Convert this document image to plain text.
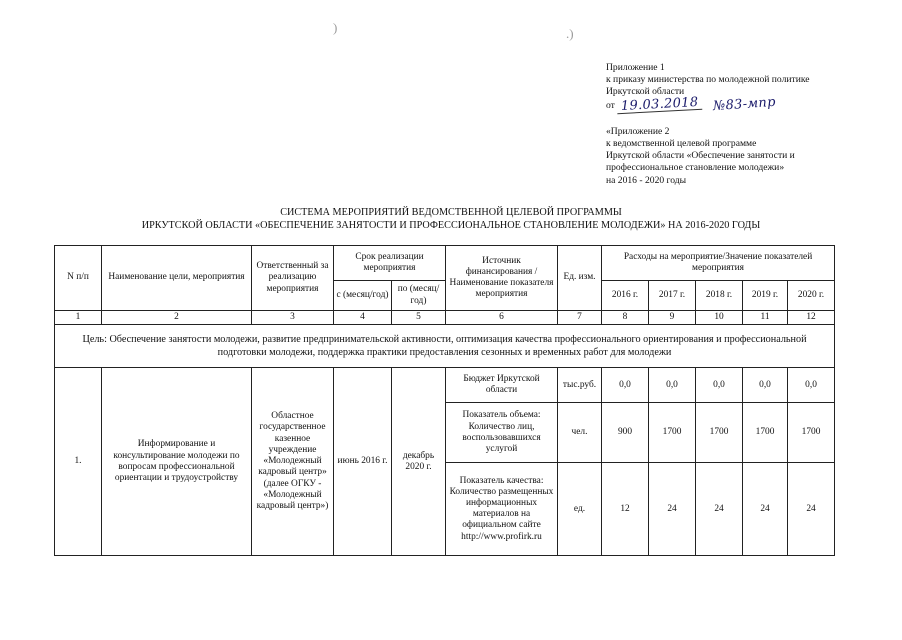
)	.)
Приложение 1
к приказу министерства по молодежной политике
Иркутской области
от 19.03.2018 №83-мпр
«Приложение 2
к ведомственной целевой программе
Иркутской области «Обеспечение занятости и
профессиональное становление молодежи»
на 2016 - 2020 годы
СИСТЕМА МЕРОПРИЯТИЙ ВЕДОМСТВЕННОЙ ЦЕЛЕВОЙ ПРОГРАММЫ
ИРКУТСКОЙ ОБЛАСТИ «ОБЕСПЕЧЕНИЕ ЗАНЯТОСТИ И ПРОФЕССИОНАЛЬНОЕ СТАНОВЛЕНИЕ МОЛОДЕЖИ» НА 2016-2020 ГОДЫ
N п/п	Наименование цели, мероприятия	Ответственный за реализацию мероприятия	Срок реализации мероприятия		Источник финансирования / Наименование показателя мероприятия	Ед. изм.	Расходы на мероприятие/Значение показателей мероприятия				
			с (месяц/год)	по (месяц/год)			2016 г.	2017 г.	2018 г.	2019 г.	2020 г.
1	2	3	4	5	6	7	8	9	10	11	12
Цель: Обеспечение занятости молодежи, развитие предпринимательской активности, оптимизация качества профессионального ориентирования и профессиональной подготовки молодежи, поддержка практики предоставления сезонных и временных работ для молодежи											
1.	Информирование и консультирование молодежи по вопросам профессиональной ориентации и трудоустройству	Областное государственное казенное учреждение «Молодежный кадровый центр» (далее ОГКУ - «Молодежный кадровый центр»)	июнь 2016 г.	декабрь 2020 г.	Бюджет Иркутской области	тыс.руб.	0,0	0,0	0,0	0,0	0,0
					Показатель объема: Количество лиц, воспользовавшихся услугой	чел.	900	1700	1700	1700	1700
					Показатель качества: Количество размещенных информационных материалов на официальном сайте http://www.profirk.ru	ед.	12	24	24	24	24
